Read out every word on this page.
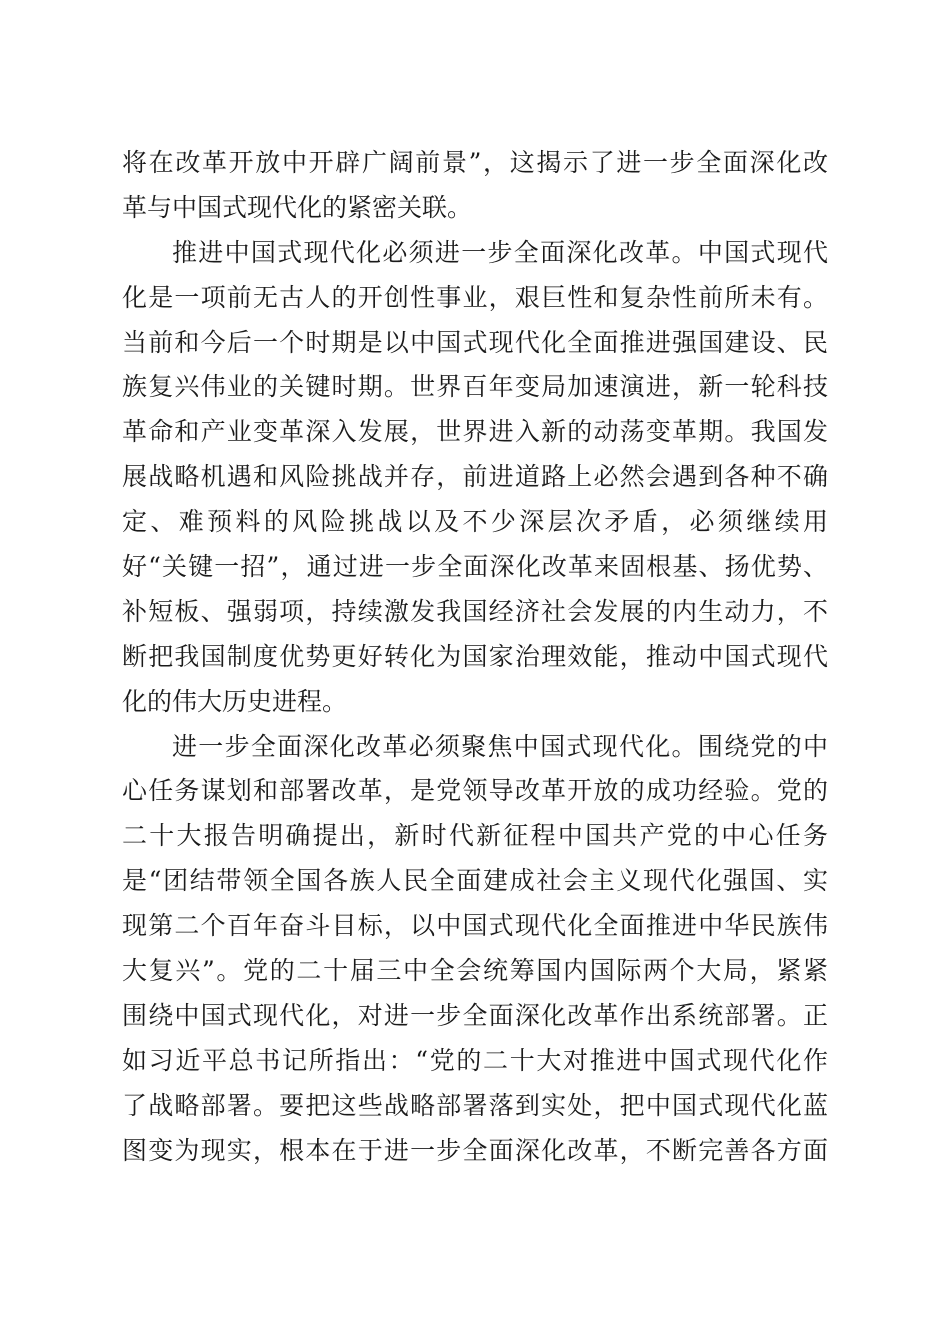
将在改革开放中开辟广阔前景”，这揭示了进一步全面深化改
革与中国式现代化的紧密关联。
推进中国式现代化必须进一步全面深化改革。中国式现代
化是一项前无古人的开创性事业，艰巨性和复杂性前所未有。
当前和今后一个时期是以中国式现代化全面推进强国建设、民
族复兴伟业的关键时期。世界百年变局加速演进，新一轮科技
革命和产业变革深入发展，世界进入新的动荡变革期。我国发
展战略机遇和风险挑战并存，前进道路上必然会遇到各种不确
定、难预料的风险挑战以及不少深层次矛盾，必须继续用
好“关键一招”，通过进一步全面深化改革来固根基、扬优势、
补短板、强弱项，持续激发我国经济社会发展的内生动力，不
断把我国制度优势更好转化为国家治理效能，推动中国式现代
化的伟大历史进程。
进一步全面深化改革必须聚焦中国式现代化。围绕党的中
心任务谋划和部署改革，是党领导改革开放的成功经验。党的
二十大报告明确提出，新时代新征程中国共产党的中心任务
是“团结带领全国各族人民全面建成社会主义现代化强国、实
现第二个百年奋斗目标，以中国式现代化全面推进中华民族伟
大复兴”。党的二十届三中全会统筹国内国际两个大局，紧紧
围绕中国式现代化，对进一步全面深化改革作出系统部署。正
如习近平总书记所指出：“党的二十大对推进中国式现代化作
了战略部署。要把这些战略部署落到实处，把中国式现代化蓝
图变为现实，根本在于进一步全面深化改革，不断完善各方面
